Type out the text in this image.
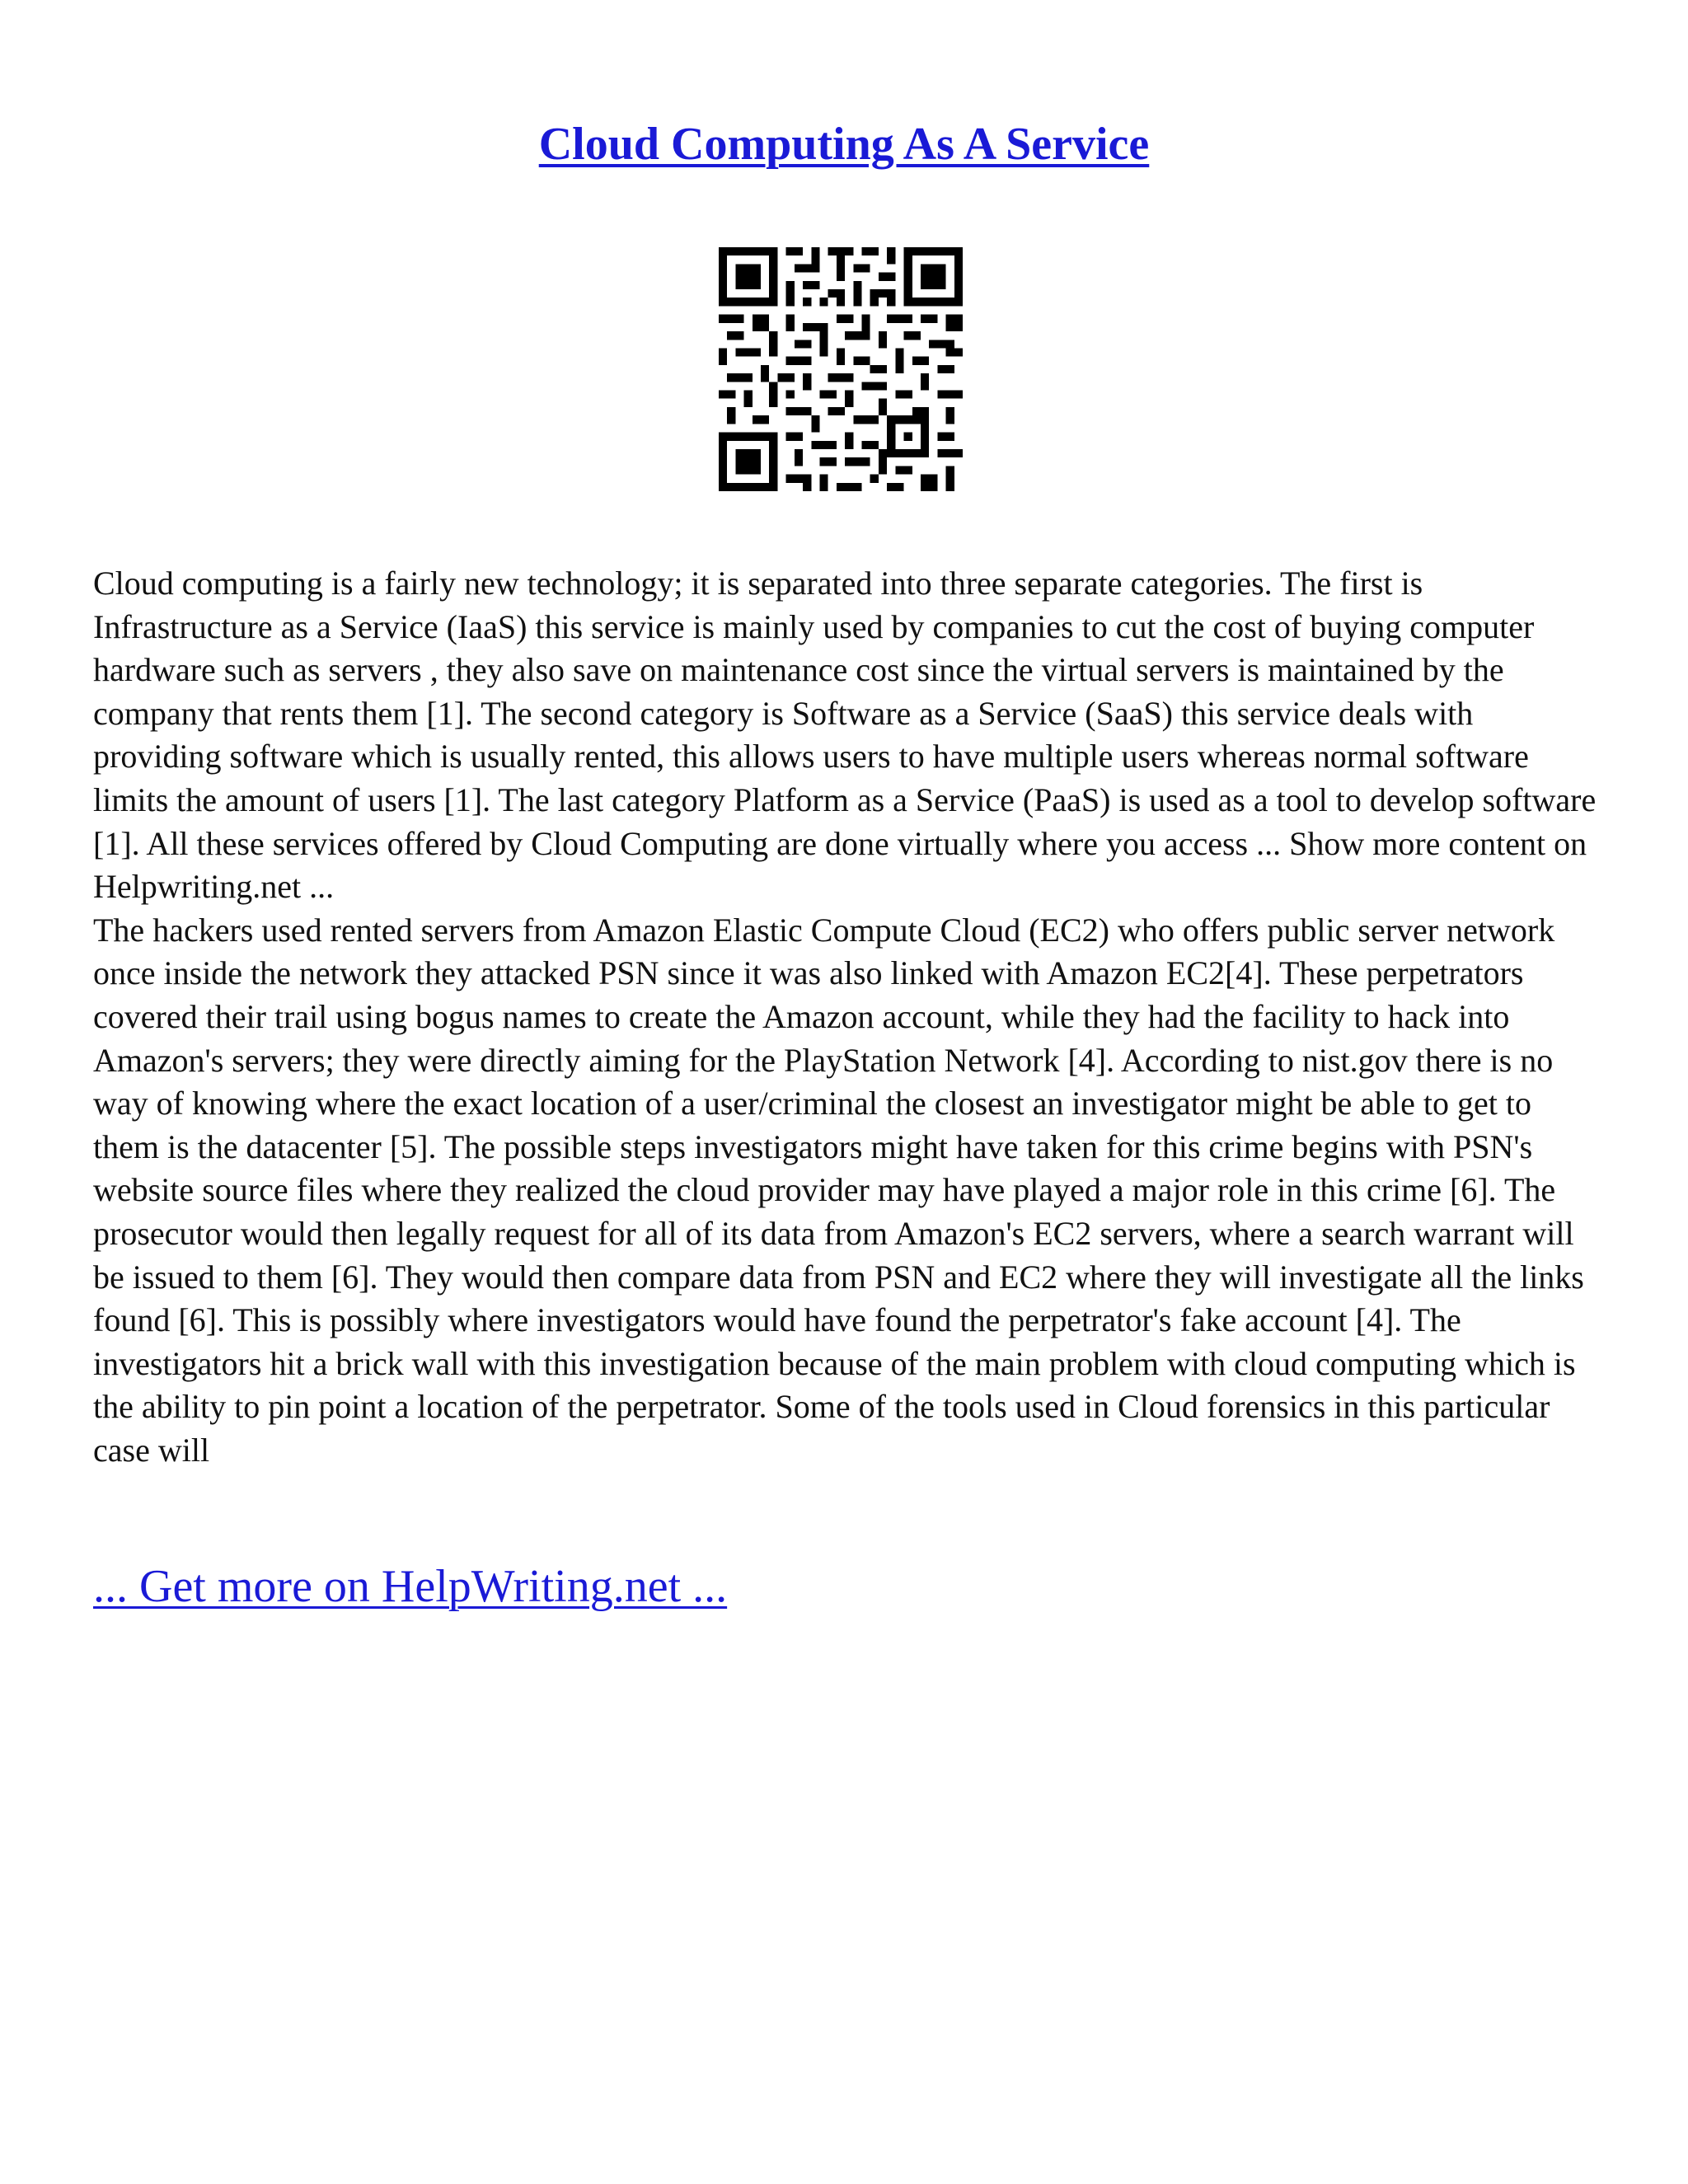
Cloud Computing As A Service

Cloud computing is a fairly new technology; it is separated into three separate categories. The first is Infrastructure as a Service (IaaS) this service is mainly used by companies to cut the cost of buying computer hardware such as servers , they also save on maintenance cost since the virtual servers is maintained by the company that rents them [1]. The second category is Software as a Service (SaaS) this service deals with providing software which is usually rented, this allows users to have multiple users whereas normal software limits the amount of users [1]. The last category Platform as a Service (PaaS) is used as a tool to develop software [1]. All these services offered by Cloud Computing are done virtually where you access ... Show more content on Helpwriting.net ...

The hackers used rented servers from Amazon Elastic Compute Cloud (EC2) who offers public server network once inside the network they attacked PSN since it was also linked with Amazon EC2[4]. These perpetrators covered their trail using bogus names to create the Amazon account, while they had the facility to hack into Amazon's servers; they were directly aiming for the PlayStation Network [4]. According to nist.gov there is no way of knowing where the exact location of a user/criminal the closest an investigator might be able to get to them is the datacenter [5]. The possible steps investigators might have taken for this crime begins with PSN's website source files where they realized the cloud provider may have played a major role in this crime [6]. The prosecutor would then legally request for all of its data from Amazon's EC2 servers, where a search warrant will be issued to them [6]. They would then compare data from PSN and EC2 where they will investigate all the links found [6]. This is possibly where investigators would have found the perpetrator's fake account [4]. The investigators hit a brick wall with this investigation because of the main problem with cloud computing which is the ability to pin point a location of the perpetrator. Some of the tools used in Cloud forensics in this particular case will

... Get more on HelpWriting.net ...
